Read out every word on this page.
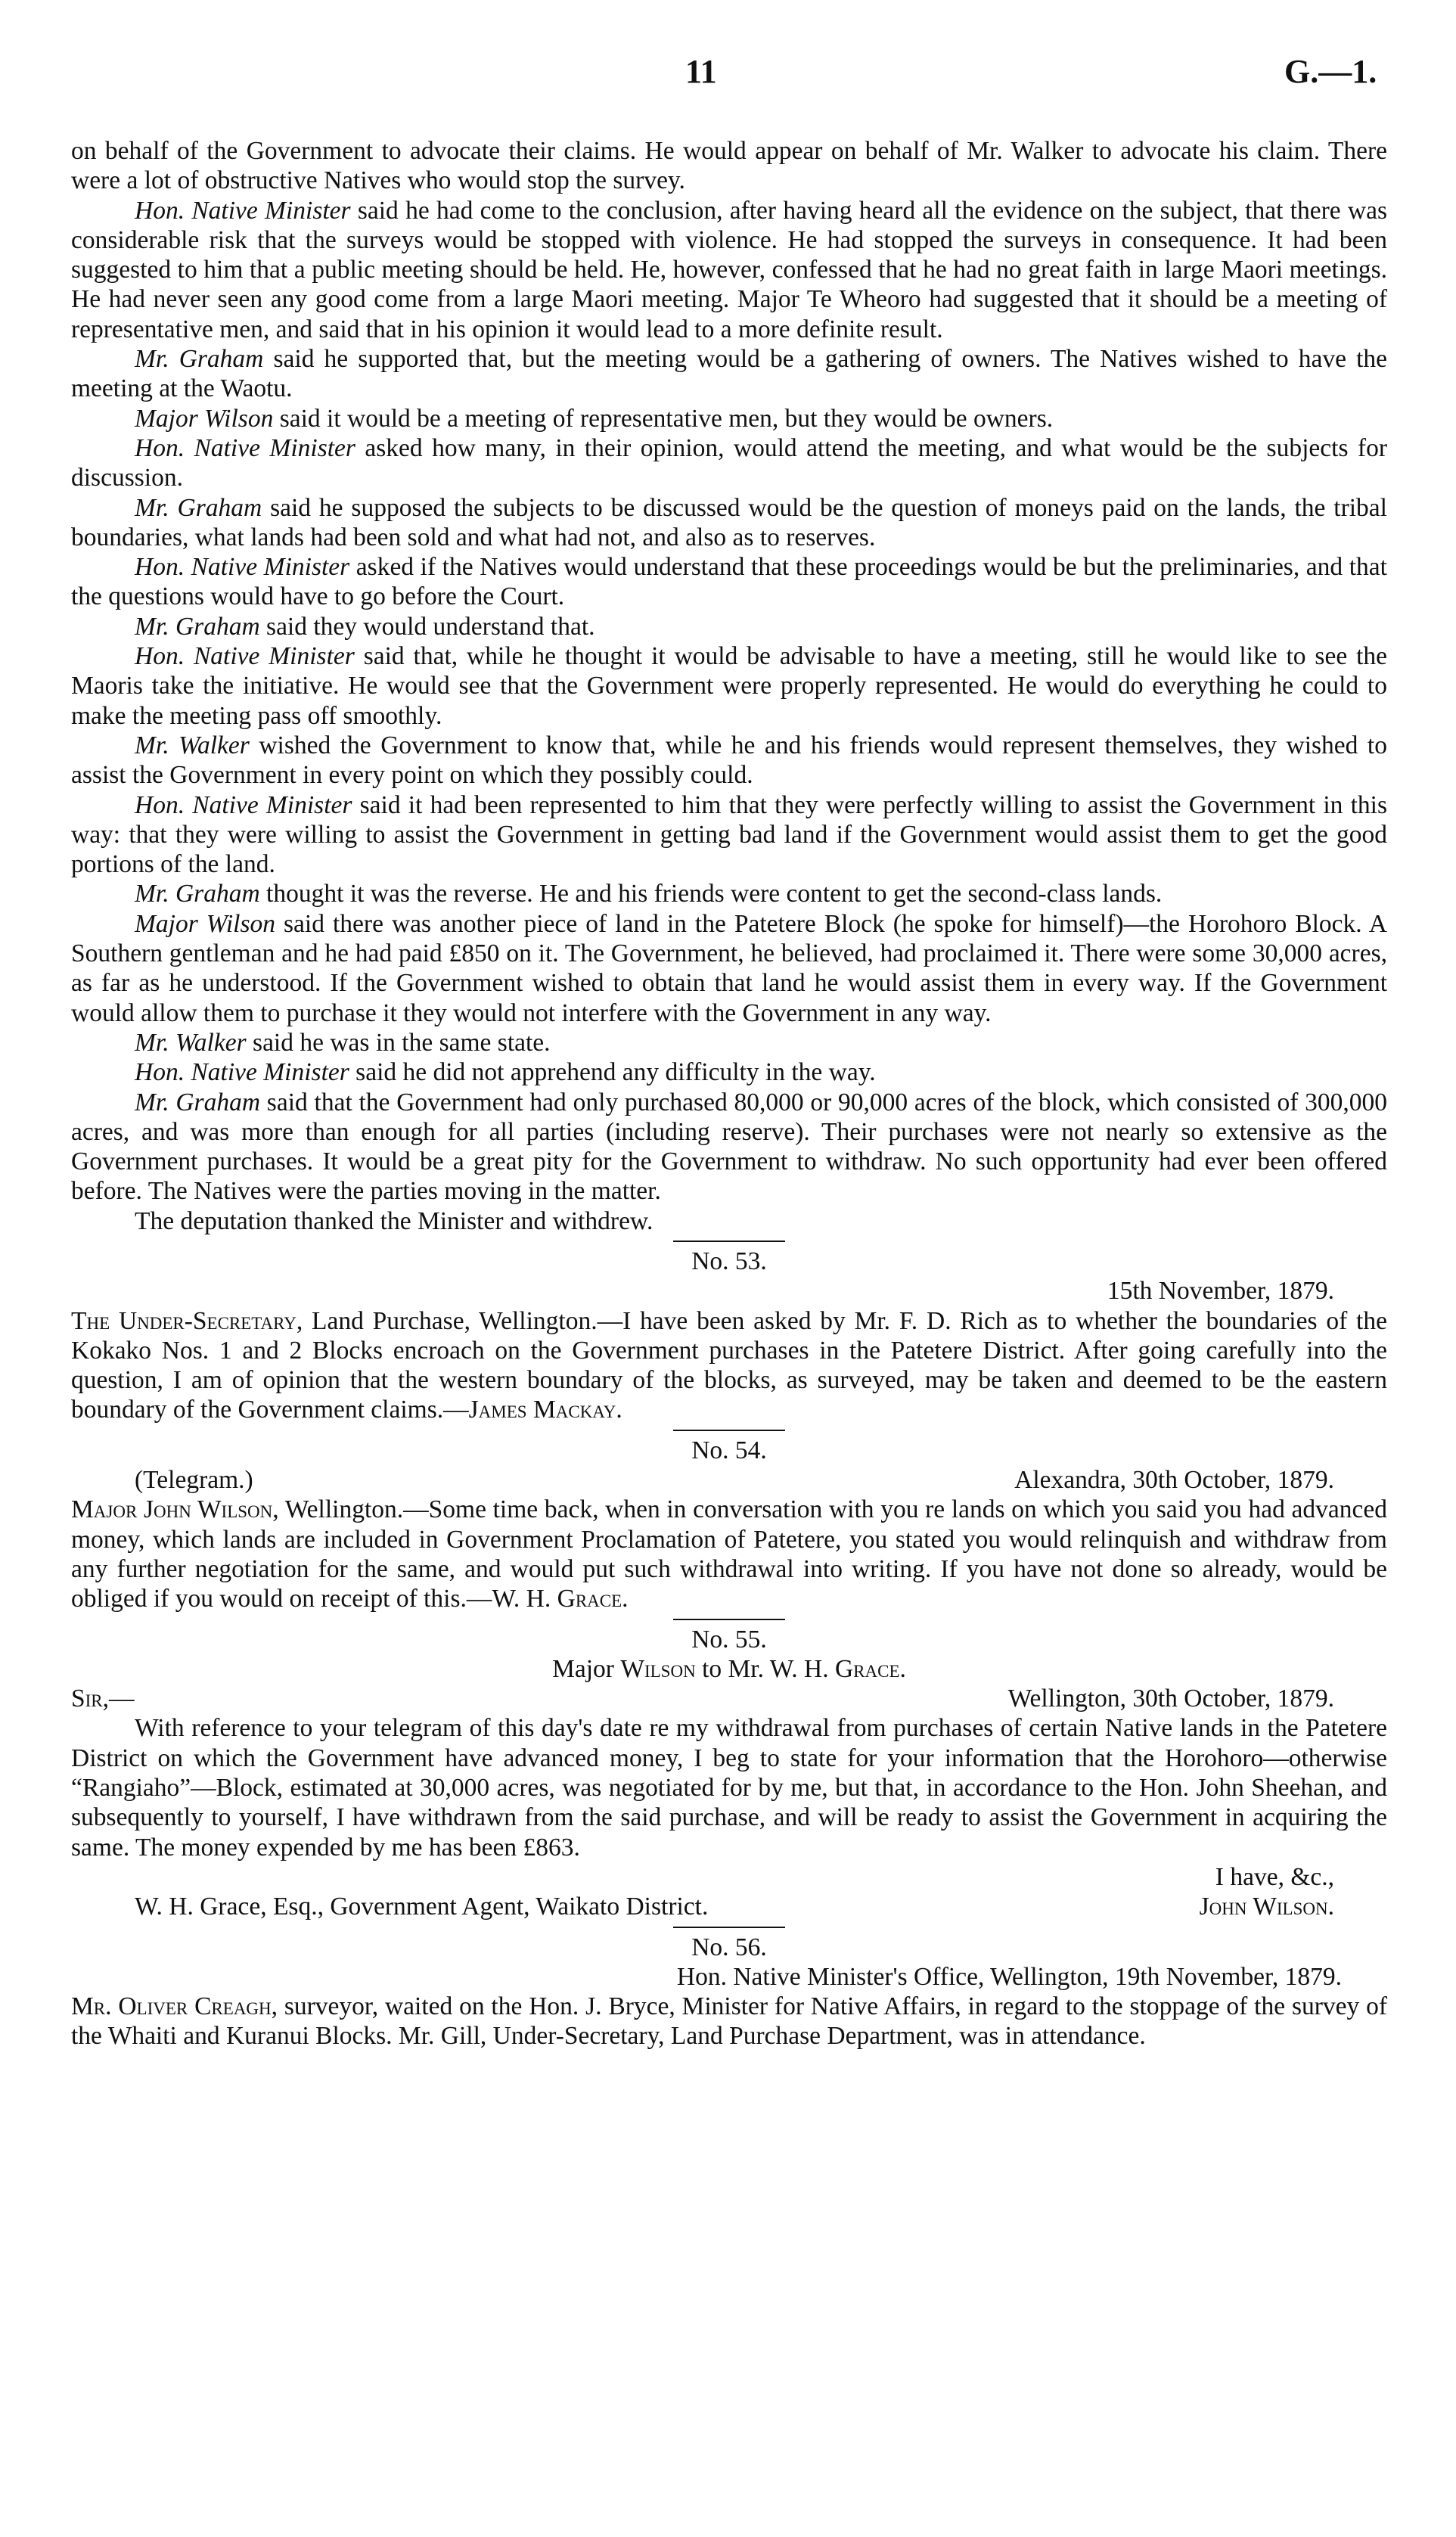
11	G.—1.

on behalf of the Government to advocate their claims. He would appear on behalf of Mr. Walker to advocate his claim. There were a lot of obstructive Natives who would stop the survey.

Hon. Native Minister said he had come to the conclusion, after having heard all the evidence on the subject, that there was considerable risk that the surveys would be stopped with violence. He had stopped the surveys in consequence. It had been suggested to him that a public meeting should be held. He, however, confessed that he had no great faith in large Maori meetings. He had never seen any good come from a large Maori meeting. Major Te Wheoro had suggested that it should be a meeting of representative men, and said that in his opinion it would lead to a more definite result.

Mr. Graham said he supported that, but the meeting would be a gathering of owners. The Natives wished to have the meeting at the Waotu.

Major Wilson said it would be a meeting of representative men, but they would be owners.

Hon. Native Minister asked how many, in their opinion, would attend the meeting, and what would be the subjects for discussion.

Mr. Graham said he supposed the subjects to be discussed would be the question of moneys paid on the lands, the tribal boundaries, what lands had been sold and what had not, and also as to reserves.

Hon. Native Minister asked if the Natives would understand that these proceedings would be but the preliminaries, and that the questions would have to go before the Court.

Mr. Graham said they would understand that.

Hon. Native Minister said that, while he thought it would be advisable to have a meeting, still he would like to see the Maoris take the initiative. He would see that the Government were properly represented. He would do everything he could to make the meeting pass off smoothly.

Mr. Walker wished the Government to know that, while he and his friends would represent themselves, they wished to assist the Government in every point on which they possibly could.

Hon. Native Minister said it had been represented to him that they were perfectly willing to assist the Government in this way: that they were willing to assist the Government in getting bad land if the Government would assist them to get the good portions of the land.

Mr. Graham thought it was the reverse. He and his friends were content to get the second-class lands.

Major Wilson said there was another piece of land in the Patetere Block (he spoke for himself)—the Horohoro Block. A Southern gentleman and he had paid £850 on it. The Government, he believed, had proclaimed it. There were some 30,000 acres, as far as he understood. If the Government wished to obtain that land he would assist them in every way. If the Government would allow them to purchase it they would not interfere with the Government in any way.

Mr. Walker said he was in the same state.

Hon. Native Minister said he did not apprehend any difficulty in the way.

Mr. Graham said that the Government had only purchased 80,000 or 90,000 acres of the block, which consisted of 300,000 acres, and was more than enough for all parties (including reserve). Their purchases were not nearly so extensive as the Government purchases. It would be a great pity for the Government to withdraw. No such opportunity had ever been offered before. The Natives were the parties moving in the matter.

The deputation thanked the Minister and withdrew.

No. 53.

15th November, 1879.

The Under-Secretary, Land Purchase, Wellington.—I have been asked by Mr. F. D. Rich as to whether the boundaries of the Kokako Nos. 1 and 2 Blocks encroach on the Government purchases in the Patetere District. After going carefully into the question, I am of opinion that the western boundary of the blocks, as surveyed, may be taken and deemed to be the eastern boundary of the Government claims.—James Mackay.

No. 54.

(Telegram.)	Alexandra, 30th October, 1879.

Major John Wilson, Wellington.—Some time back, when in conversation with you re lands on which you said you had advanced money, which lands are included in Government Proclamation of Patetere, you stated you would relinquish and withdraw from any further negotiation for the same, and would put such withdrawal into writing. If you have not done so already, would be obliged if you would on receipt of this.—W. H. Grace.

No. 55.

Major Wilson to Mr. W. H. Grace.

Sir,—	Wellington, 30th October, 1879.

With reference to your telegram of this day's date re my withdrawal from purchases of certain Native lands in the Patetere District on which the Government have advanced money, I beg to state for your information that the Horohoro—otherwise “Rangiaho”—Block, estimated at 30,000 acres, was negotiated for by me, but that, in accordance to the Hon. John Sheehan, and subsequently to yourself, I have withdrawn from the said purchase, and will be ready to assist the Government in acquiring the same. The money expended by me has been £863.

I have, &c.,

W. H. Grace, Esq., Government Agent, Waikato District.	John Wilson.

No. 56.

Hon. Native Minister's Office, Wellington, 19th November, 1879.

Mr. Oliver Creagh, surveyor, waited on the Hon. J. Bryce, Minister for Native Affairs, in regard to the stoppage of the survey of the Whaiti and Kuranui Blocks. Mr. Gill, Under-Secretary, Land Purchase Department, was in attendance.
